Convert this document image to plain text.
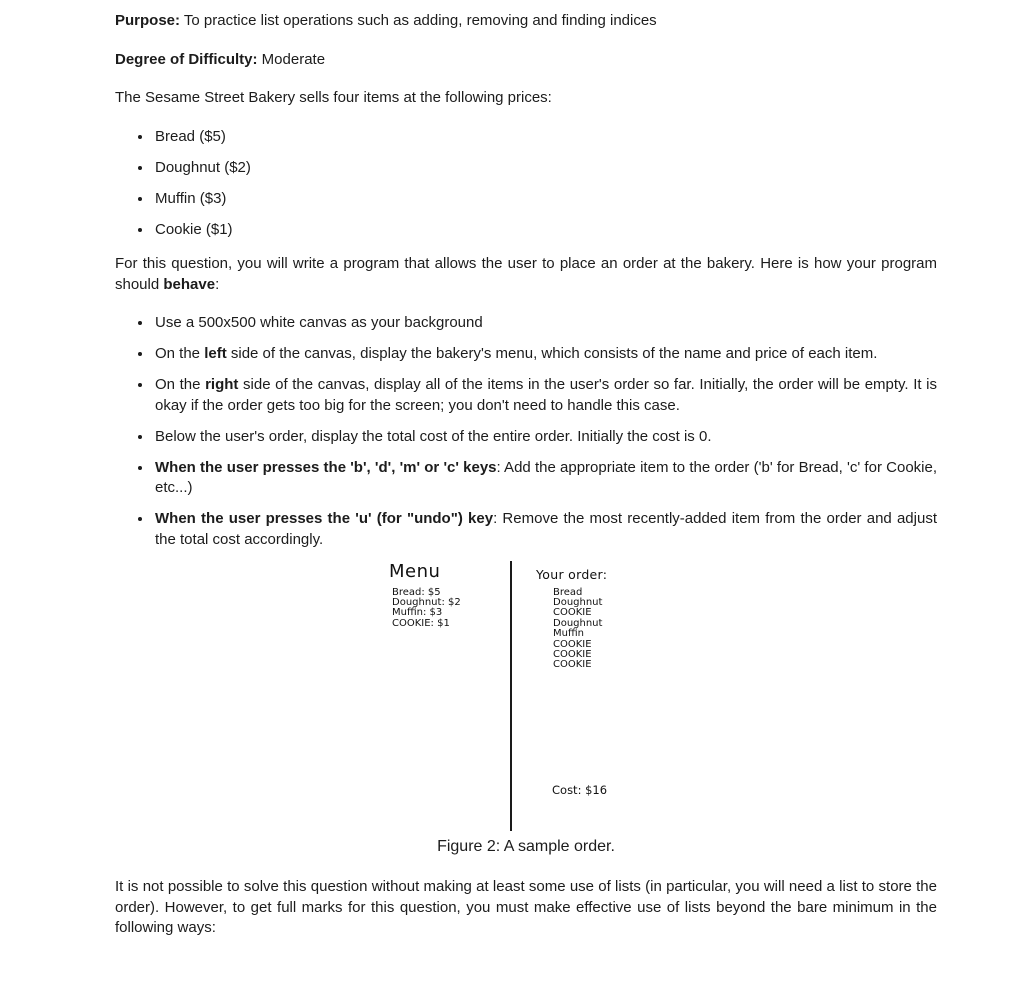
Purpose: To practice list operations such as adding, removing and finding indices

Degree of Difficulty: Moderate

The Sesame Street Bakery sells four items at the following prices:

• Bread ($5)
• Doughnut ($2)
• Muffin ($3)
• Cookie ($1)

For this question, you will write a program that allows the user to place an order at the bakery. Here is how your program should behave:

• Use a 500x500 white canvas as your background
• On the left side of the canvas, display the bakery's menu, which consists of the name and price of each item.
• On the right side of the canvas, display all of the items in the user's order so far. Initially, the order will be empty. It is okay if the order gets too big for the screen; you don't need to handle this case.
• Below the user's order, display the total cost of the entire order. Initially the cost is 0.
• When the user presses the 'b', 'd', 'm' or 'c' keys: Add the appropriate item to the order ('b' for Bread, 'c' for Cookie, etc...)
• When the user presses the 'u' (for "undo") key: Remove the most recently-added item from the order and adjust the total cost accordingly.
Menu
Bread: $5
Doughnut: $2
Muffin: $3
COOKIE: $1
Your order:
Bread
Doughnut
COOKIE
Doughnut
Muffin
COOKIE
COOKIE
COOKIE
Cost: $16

Figure 2: A sample order.

It is not possible to solve this question without making at least some use of lists (in particular, you will need a list to store the order). However, to get full marks for this question, you must make effective use of lists beyond the bare minimum in the following ways:
